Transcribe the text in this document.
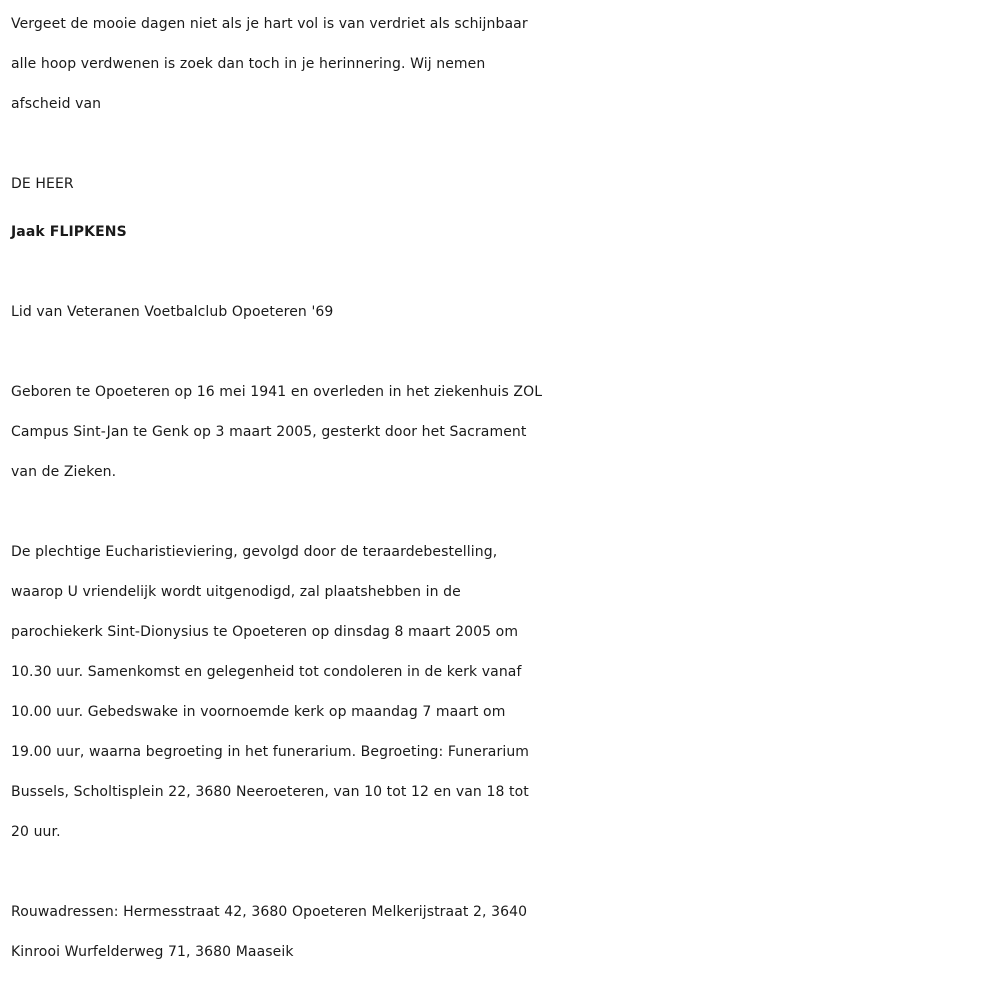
Vergeet de mooie dagen niet als je hart vol is van verdriet als schijnbaar
alle hoop verdwenen is zoek dan toch in je herinnering. Wij nemen
afscheid van
DE HEER
Jaak FLIPKENS
Lid van Veteranen Voetbalclub Opoeteren '69
Geboren te Opoeteren op 16 mei 1941 en overleden in het ziekenhuis ZOL
Campus Sint-Jan te Genk op 3 maart 2005, gesterkt door het Sacrament
van de Zieken.
De plechtige Eucharistieviering, gevolgd door de teraardebestelling,
waarop U vriendelijk wordt uitgenodigd, zal plaatshebben in de
parochiekerk Sint-Dionysius te Opoeteren op dinsdag 8 maart 2005 om
10.30 uur. Samenkomst en gelegenheid tot condoleren in de kerk vanaf
10.00 uur. Gebedswake in voornoemde kerk op maandag 7 maart om
19.00 uur, waarna begroeting in het funerarium. Begroeting: Funerarium
Bussels, Scholtisplein 22, 3680 Neeroeteren, van 10 tot 12 en van 18 tot
20 uur.
Rouwadressen: Hermesstraat 42, 3680 Opoeteren Melkerijstraat 2, 3640
Kinrooi Wurfelderweg 71, 3680 Maaseik
